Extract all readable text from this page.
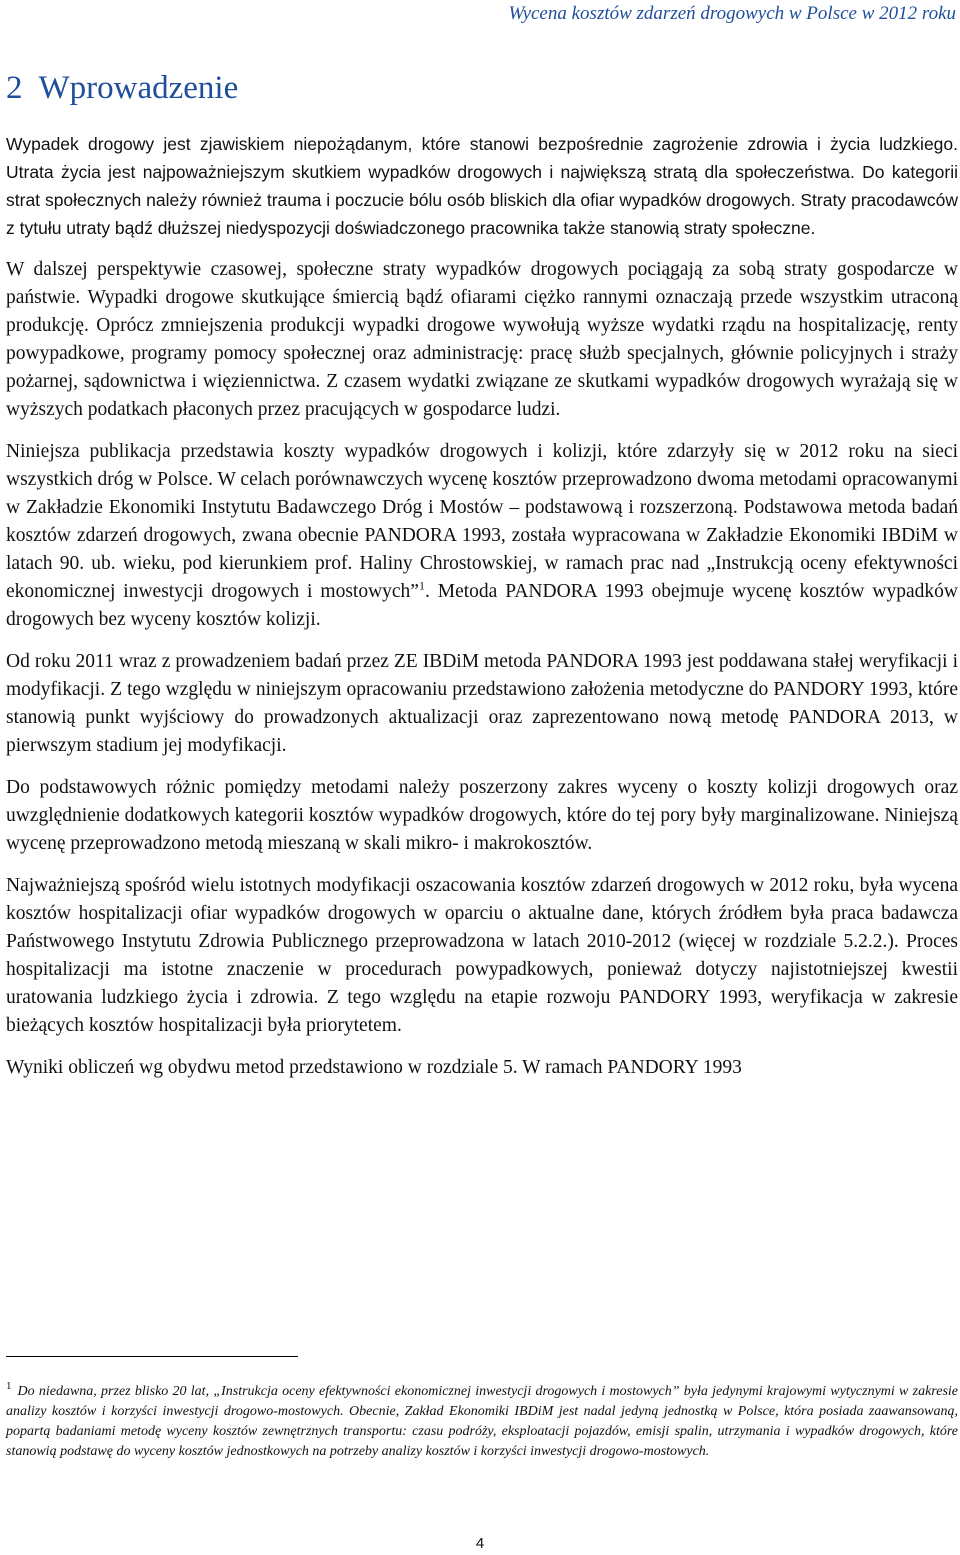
Wycena kosztów zdarzeń drogowych w Polsce w 2012 roku
2 Wprowadzenie

Wypadek drogowy jest zjawiskiem niepożądanym, które stanowi bezpośrednie zagrożenie zdrowia i życia ludzkiego. Utrata życia jest najpoważniejszym skutkiem wypadków drogowych i największą stratą dla społeczeństwa. Do kategorii strat społecznych należy również trauma i poczucie bólu osób bliskich dla ofiar wypadków drogowych. Straty pracodawców z tytułu utraty bądź dłuższej niedyspozycji doświadczonego pracownika także stanowią straty społeczne.

W dalszej perspektywie czasowej, społeczne straty wypadków drogowych pociągają za sobą straty gospodarcze w państwie. Wypadki drogowe skutkujące śmiercią bądź ofiarami ciężko rannymi oznaczają przede wszystkim utraconą produkcję. Oprócz zmniejszenia produkcji wypadki drogowe wywołują wyższe wydatki rządu na hospitalizację, renty powypadkowe, programy pomocy społecznej oraz administrację: pracę służb specjalnych, głównie policyjnych i straży pożarnej, sądownictwa i więziennictwa. Z czasem wydatki związane ze skutkami wypadków drogowych wyrażają się w wyższych podatkach płaconych przez pracujących w gospodarce ludzi.

Niniejsza publikacja przedstawia koszty wypadków drogowych i kolizji, które zdarzyły się w 2012 roku na sieci wszystkich dróg w Polsce. W celach porównawczych wycenę kosztów przeprowadzono dwoma metodami opracowanymi w Zakładzie Ekonomiki Instytutu Badawczego Dróg i Mostów – podstawową i rozszerzoną. Podstawowa metoda badań kosztów zdarzeń drogowych, zwana obecnie PANDORA 1993, została wypracowana w Zakładzie Ekonomiki IBDiM w latach 90. ub. wieku, pod kierunkiem prof. Haliny Chrostowskiej, w ramach prac nad „Instrukcją oceny efektywności ekonomicznej inwestycji drogowych i mostowych”$^1$. Metoda PANDORA 1993 obejmuje wycenę kosztów wypadków drogowych bez wyceny kosztów kolizji.

Od roku 2011 wraz z prowadzeniem badań przez ZE IBDiM metoda PANDORA 1993 jest poddawana stałej weryfikacji i modyfikacji. Z tego względu w niniejszym opracowaniu przedstawiono założenia metodyczne do PANDORY 1993, które stanowią punkt wyjściowy do prowadzonych aktualizacji oraz zaprezentowano nową metodę PANDORA 2013, w pierwszym stadium jej modyfikacji.

Do podstawowych różnic pomiędzy metodami należy poszerzony zakres wyceny o koszty kolizji drogowych oraz uwzględnienie dodatkowych kategorii kosztów wypadków drogowych, które do tej pory były marginalizowane. Niniejszą wycenę przeprowadzono metodą mieszaną w skali mikro- i makrokosztów.

Najważniejszą spośród wielu istotnych modyfikacji oszacowania kosztów zdarzeń drogowych w 2012 roku, była wycena kosztów hospitalizacji ofiar wypadków drogowych w oparciu o aktualne dane, których źródłem była praca badawcza Państwowego Instytutu Zdrowia Publicznego przeprowadzona w latach 2010-2012 (więcej w rozdziale 5.2.2.). Proces hospitalizacji ma istotne znaczenie w procedurach powypadkowych, ponieważ dotyczy najistotniejszej kwestii uratowania ludzkiego życia i zdrowia. Z tego względu na etapie rozwoju PANDORY 1993, weryfikacja w zakresie bieżących kosztów hospitalizacji była priorytetem.

Wyniki obliczeń wg obydwu metod przedstawiono w rozdziale 5. W ramach PANDORY 1993

$^1$ Do niedawna, przez blisko 20 lat, „Instrukcja oceny efektywności ekonomicznej inwestycji drogowych i mostowych” była jedynymi krajowymi wytycznymi w zakresie analizy kosztów i korzyści inwestycji drogowo-mostowych. Obecnie, Zakład Ekonomiki IBDiM jest nadal jedyną jednostką w Polsce, która posiada zaawansowaną, popartą badaniami metodę wyceny kosztów zewnętrznych transportu: czasu podróży, eksploatacji pojazdów, emisji spalin, utrzymania i wypadków drogowych, które stanowią podstawę do wyceny kosztów jednostkowych na potrzeby analizy kosztów i korzyści inwestycji drogowo-mostowych.

4
